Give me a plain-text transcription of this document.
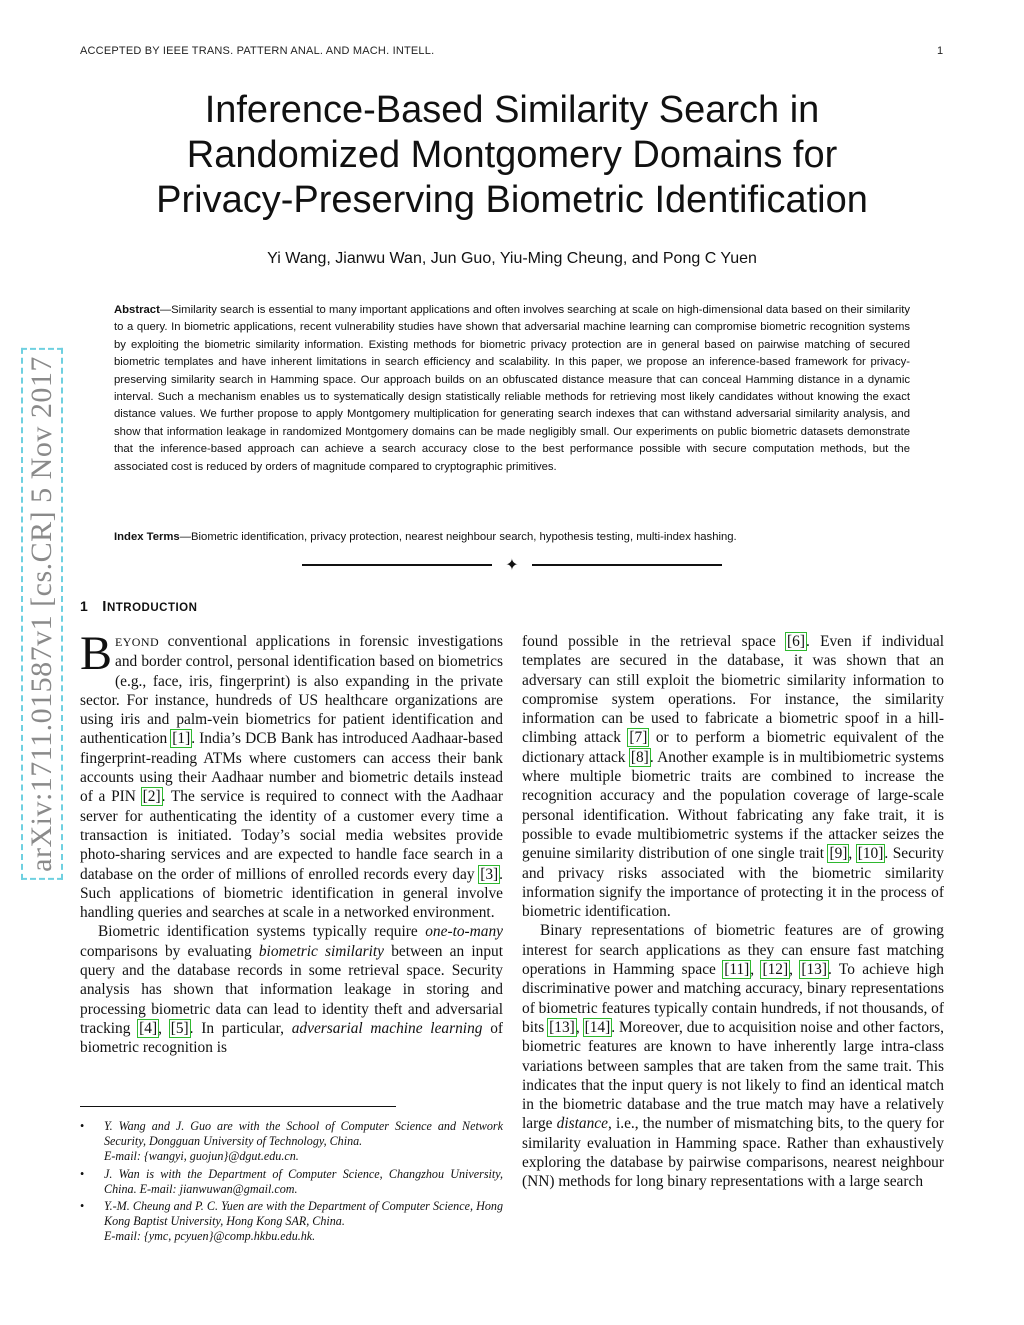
ACCEPTED BY IEEE TRANS. PATTERN ANAL. AND MACH. INTELL.	1
arXiv:1711.01587v1 [cs.CR] 5 Nov 2017
Inference-Based Similarity Search in
Randomized Montgomery Domains for
Privacy-Preserving Biometric Identification
Yi Wang, Jianwu Wan, Jun Guo, Yiu-Ming Cheung, and Pong C Yuen
Abstract—Similarity search is essential to many important applications and often involves searching at scale on high-dimensional data based on their similarity to a query. In biometric applications, recent vulnerability studies have shown that adversarial machine learning can compromise biometric recognition systems by exploiting the biometric similarity information. Existing methods for biometric privacy protection are in general based on pairwise matching of secured biometric templates and have inherent limitations in search efficiency and scalability. In this paper, we propose an inference-based framework for privacy-preserving similarity search in Hamming space. Our approach builds on an obfuscated distance measure that can conceal Hamming distance in a dynamic interval. Such a mechanism enables us to systematically design statistically reliable methods for retrieving most likely candidates without knowing the exact distance values. We further propose to apply Montgomery multiplication for generating search indexes that can withstand adversarial similarity analysis, and show that information leakage in randomized Montgomery domains can be made negligibly small. Our experiments on public biometric datasets demonstrate that the inference-based approach can achieve a search accuracy close to the best performance possible with secure computation methods, but the associated cost is reduced by orders of magnitude compared to cryptographic primitives.
Index Terms—Biometric identification, privacy protection, nearest neighbour search, hypothesis testing, multi-index hashing.
✦
1 INTRODUCTION

BEYOND conventional applications in forensic investigations and border control, personal identification based on biometrics (e.g., face, iris, fingerprint) is also expanding in the private sector. For instance, hundreds of US healthcare organizations are using iris and palm-vein biometrics for patient identification and authentication [1]. India’s DCB Bank has introduced Aadhaar-based fingerprint-reading ATMs where customers can access their bank accounts using their Aadhaar number and biometric details instead of a PIN [2]. The service is required to connect with the Aadhaar server for authenticating the identity of a customer every time a transaction is initiated. Today’s social media websites provide photo-sharing services and are expected to handle face search in a database on the order of millions of enrolled records every day [3]. Such applications of biometric identification in general involve handling queries and searches at scale in a networked environment.

Biometric identification systems typically require one-to-many comparisons by evaluating biometric similarity between an input query and the database records in some retrieval space. Security analysis has shown that information leakage in storing and processing biometric data can lead to identity theft and adversarial tracking [4], [5]. In particular, adversarial machine learning of biometric recognition is

• Y. Wang and J. Guo are with the School of Computer Science and Network Security, Dongguan University of Technology, China.
E-mail: {wangyi, guojun}@dgut.edu.cn.
• J. Wan is with the Department of Computer Science, Changzhou University, China. E-mail: jianwuwan@gmail.com.
• Y.-M. Cheung and P. C. Yuen are with the Department of Computer Science, Hong Kong Baptist University, Hong Kong SAR, China.
E-mail: {ymc, pcyuen}@comp.hkbu.edu.hk.

found possible in the retrieval space [6]. Even if individual templates are secured in the database, it was shown that an adversary can still exploit the biometric similarity information to compromise system operations. For instance, the similarity information can be used to fabricate a biometric spoof in a hill-climbing attack [7] or to perform a biometric equivalent of the dictionary attack [8]. Another example is in multibiometric systems where multiple biometric traits are combined to increase the recognition accuracy and the population coverage of large-scale personal identification. Without fabricating any fake trait, it is possible to evade multibiometric systems if the attacker seizes the genuine similarity distribution of one single trait [9], [10]. Security and privacy risks associated with the biometric similarity information signify the importance of protecting it in the process of biometric identification.

Binary representations of biometric features are of growing interest for search applications as they can ensure fast matching operations in Hamming space [11], [12], [13]. To achieve high discriminative power and matching accuracy, binary representations of biometric features typically contain hundreds, if not thousands, of bits [13], [14]. Moreover, due to acquisition noise and other factors, biometric features are known to have inherently large intra-class variations between samples that are taken from the same trait. This indicates that the input query is not likely to find an identical match in the biometric database and the true match may have a relatively large distance, i.e., the number of mismatching bits, to the query for similarity evaluation in Hamming space. Rather than exhaustively exploring the database by pairwise comparisons, nearest neighbour (NN) methods for long binary representations with a large search
